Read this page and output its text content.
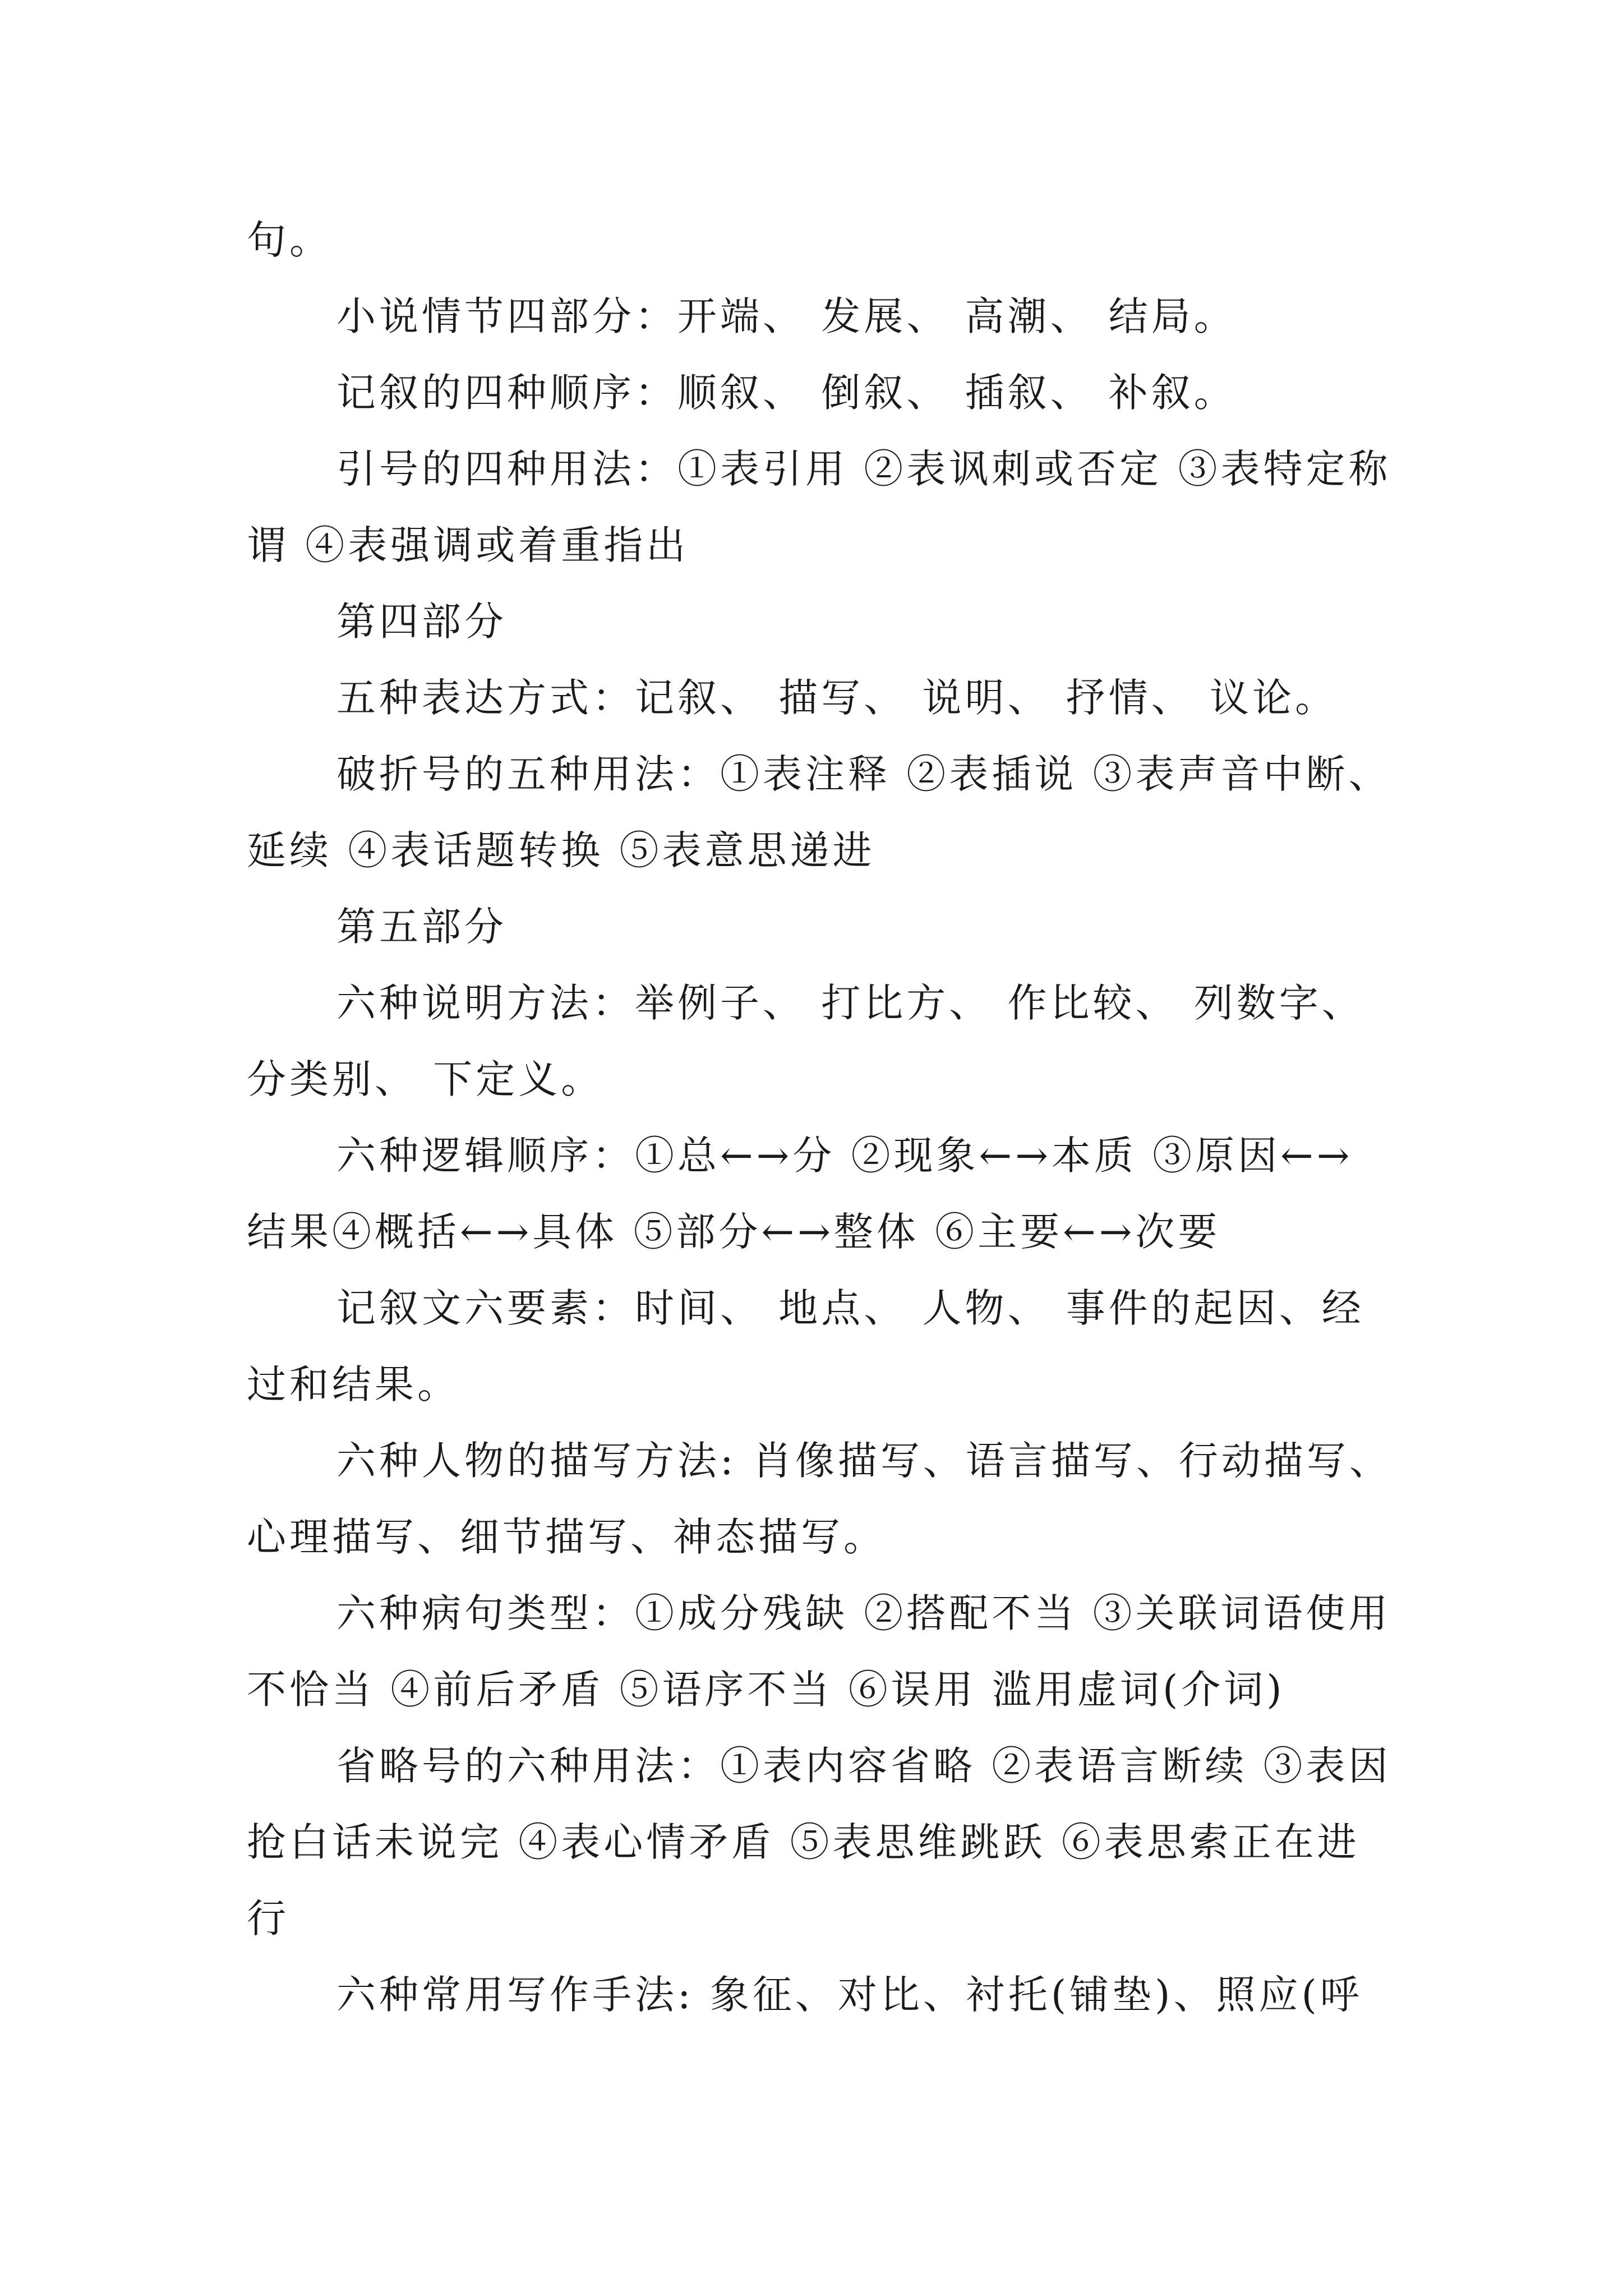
句。

小说情节四部分：开端、 发展、 高潮、 结局。

记叙的四种顺序：顺叙、 倒叙、 插叙、 补叙。

引号的四种用法：①表引用 ②表讽刺或否定 ③表特定称谓 ④表强调或着重指出

第四部分

五种表达方式：记叙、 描写、 说明、 抒情、 议论。

破折号的五种用法：①表注释 ②表插说 ③表声音中断、延续 ④表话题转换 ⑤表意思递进

第五部分

六种说明方法：举例子、 打比方、 作比较、 列数字、分类别、 下定义。

六种逻辑顺序：①总←→分 ②现象←→本质 ③原因←→ 结果④概括←→具体 ⑤部分←→整体 ⑥主要←→次要

记叙文六要素：时间、 地点、 人物、 事件的起因、经过和结果。

六种人物的描写方法: 肖像描写、语言描写、行动描写、心理描写、细节描写、神态描写。

六种病句类型：①成分残缺 ②搭配不当 ③关联词语使用不恰当 ④前后矛盾 ⑤语序不当 ⑥误用 滥用虚词(介词)

省略号的六种用法：①表内容省略 ②表语言断续 ③表因抢白话未说完 ④表心情矛盾 ⑤表思维跳跃 ⑥表思索正在进行

六种常用写作手法: 象征、对比、衬托(铺垫)、照应(呼
